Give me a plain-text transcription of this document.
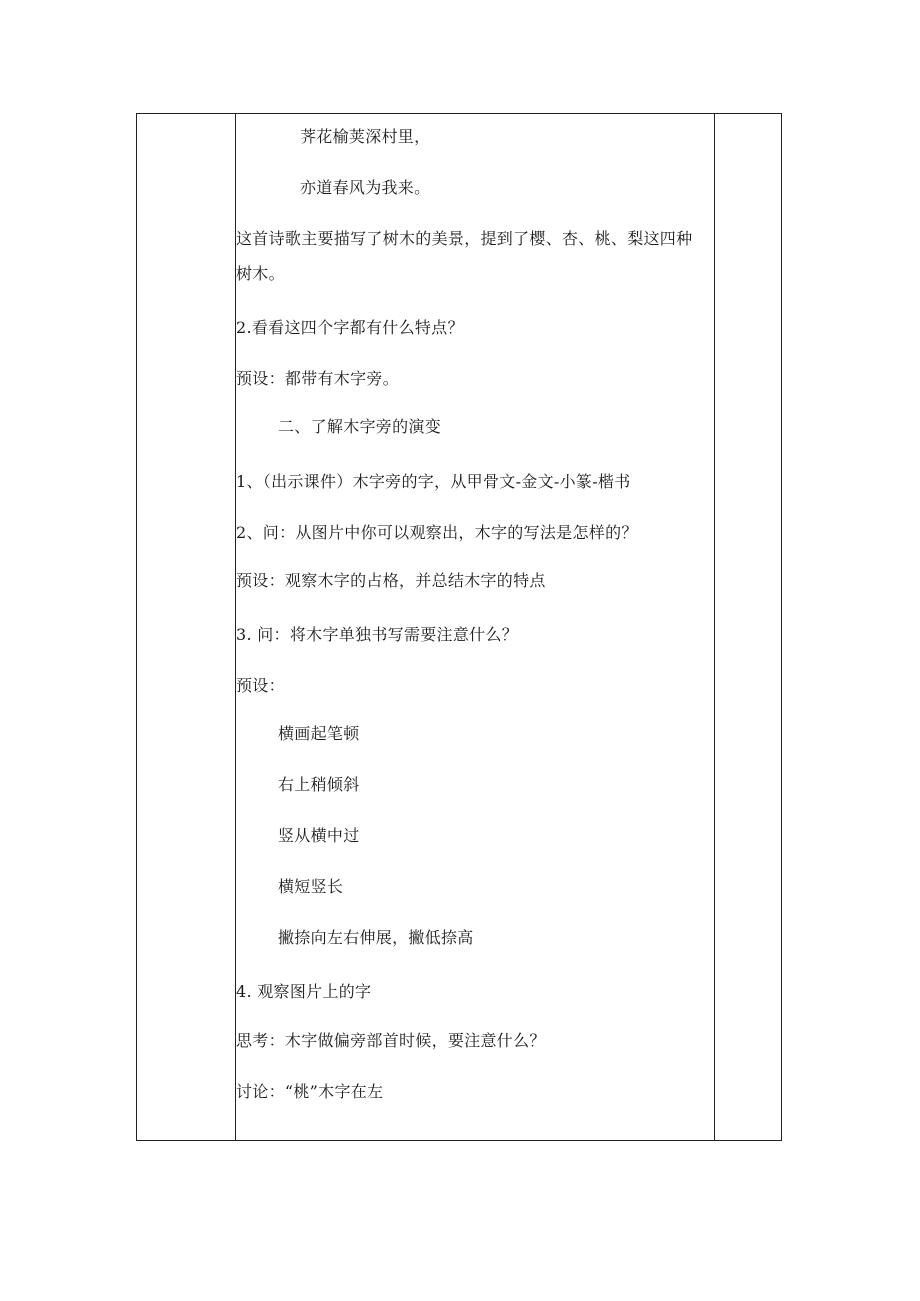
荠花榆荚深村里，
亦道春风为我来。
这首诗歌主要描写了树木的美景，提到了樱、杏、桃、梨这四种
树木。
2.看看这四个字都有什么特点？
预设：都带有木字旁。
二、了解木字旁的演变
1、（出示课件）木字旁的字，从甲骨文-金文-小篆-楷书
2、问：从图片中你可以观察出，木字的写法是怎样的？
预设：观察木字的占格，并总结木字的特点
3. 问：将木字单独书写需要注意什么？
预设：
横画起笔顿
右上稍倾斜
竖从横中过
横短竖长
撇捺向左右伸展，撇低捺高
4. 观察图片上的字
思考：木字做偏旁部首时候，要注意什么？
讨论：“桃”木字在左
